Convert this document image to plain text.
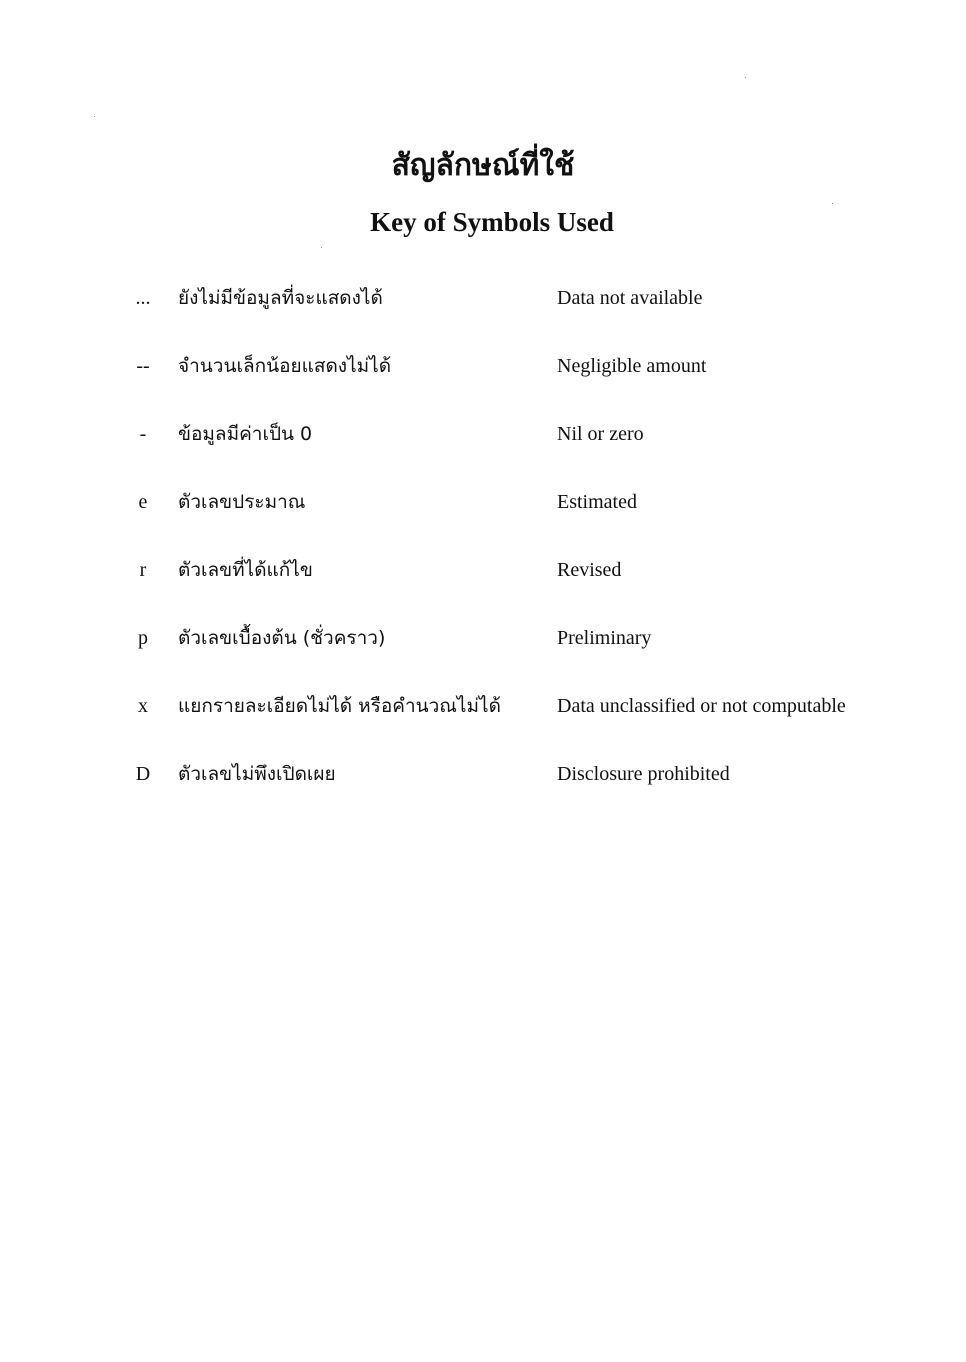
สัญลักษณ์ที่ใช้
Key of Symbols Used
...	ยังไม่มีข้อมูลที่จะแสดงได้	Data not available
--	จำนวนเล็กน้อยแสดงไม่ได้	Negligible amount
-	ข้อมูลมีค่าเป็น 0	Nil or zero
e	ตัวเลขประมาณ	Estimated
r	ตัวเลขที่ได้แก้ไข	Revised
p	ตัวเลขเบื้องต้น (ชั่วคราว)	Preliminary
x	แยกรายละเอียดไม่ได้ หรือคำนวณไม่ได้	Data unclassified or not computable
D	ตัวเลขไม่พึงเปิดเผย	Disclosure prohibited
